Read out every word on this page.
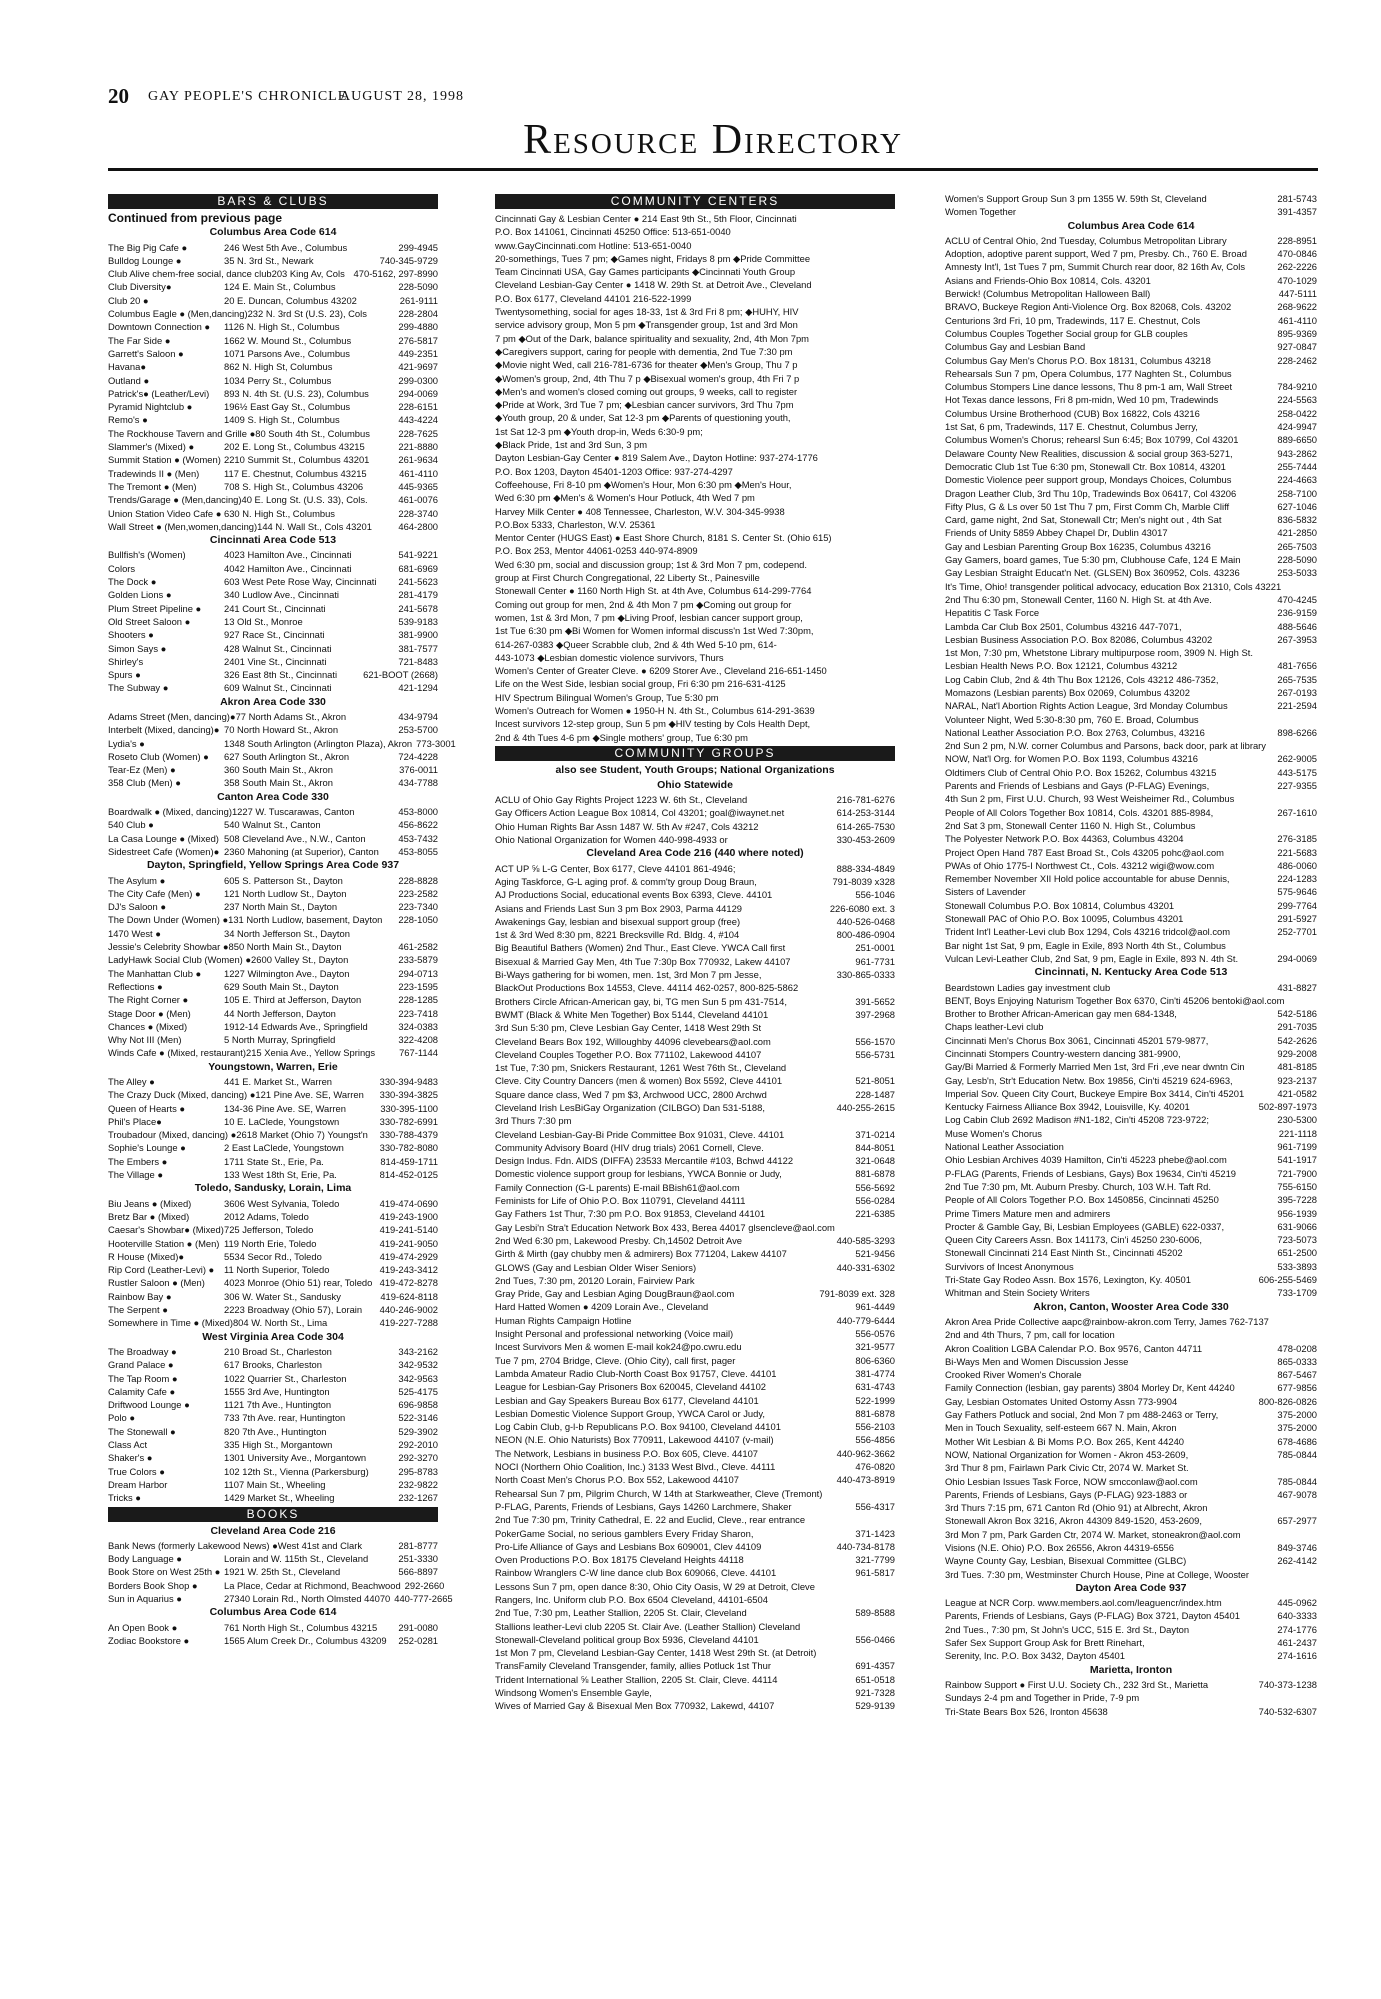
20 GAY PEOPLE'S CHRONICLE
AUGUST 28, 1998
Resource Directory
BARS & CLUBS
Continued from previous page
Columbus Area Code 614
The Big Pig Cafe ●	246 West 5th Ave., Columbus	299-4945
Bulldog Lounge ●	35 N. 3rd St., Newark	740-345-9729
Club Alive chem-free social, dance club 203 King Av, Cols 470-5162, 297-8990
Club Diversity●	124 E. Main St., Columbus	228-5090
Club 20 ●	20 E. Duncan, Columbus 43202	261-9111
Columbus Eagle ● (Men,dancing) 232 N. 3rd St (U.S. 23), Cols	228-2804
Downtown Connection ●	1126 N. High St., Columbus	299-4880
The Far Side ●	1662 W. Mound St., Columbus	276-5817
Garrett's Saloon ●	1071 Parsons Ave., Columbus	449-2351
Havana●	862 N. High St, Columbus	421-9697
Outland ●	1034 Perry St., Columbus	299-0300
Patrick's● (Leather/Levi)	893 N. 4th St. (U.S. 23), Columbus	294-0069
Pyramid Nightclub ●	196½ East Gay St., Columbus	228-6151
Remo's ●	1409 S. High St., Columbus	443-4224
The Rockhouse Tavern and Grille ● 80 South 4th St., Columbus	228-7625
Slammer's (Mixed) ●	202 E. Long St., Columbus 43215	221-8880
Summit Station ● (Women) 2210 Summit St., Columbus 43201	261-9634
Tradewinds II ● (Men)	117 E. Chestnut, Columbus 43215	461-4110
The Tremont ● (Men)	708 S. High St., Columbus 43206	445-9365
Trends/Garage ● (Men,dancing) 40 E. Long St. (U.S. 33), Cols.	461-0076
Union Station Video Cafe ● 630 N. High St., Columbus	228-3740
Wall Street ● (Men,women,dancing) 144 N. Wall St., Cols 43201	464-2800
Cincinnati Area Code 513
Bullfish's (Women)	4023 Hamilton Ave., Cincinnati	541-9221
Colors	4042 Hamilton Ave., Cincinnati	681-6969
The Dock ●	603 West Pete Rose Way, Cincinnati	241-5623
Golden Lions ●	340 Ludlow Ave., Cincinnati	281-4179
Plum Street Pipeline ●	241 Court St., Cincinnati	241-5678
Old Street Saloon ●	13 Old St., Monroe	539-9183
Shooters ●	927 Race St., Cincinnati	381-9900
Simon Says ●	428 Walnut St., Cincinnati	381-7577
Shirley's	2401 Vine St., Cincinnati	721-8483
Spurs ●	326 East 8th St., Cincinnati	621-BOOT (2668)
The Subway ●	609 Walnut St., Cincinnati	421-1294
Akron Area Code 330
Adams Street (Men, dancing)● 77 North Adams St., Akron	434-9794
Interbelt (Mixed, dancing)● 70 North Howard St., Akron	253-5700
Lydia's ●	1348 South Arlington (Arlington Plaza), Akron 773-3001
Roseto Club (Women) ●	627 South Arlington St., Akron	724-4228
Tear-Ez (Men) ●	360 South Main St., Akron	376-0011
358 Club (Men) ●	358 South Main St., Akron	434-7788
Canton Area Code 330
Boardwalk ● (Mixed, dancing) 1227 W. Tuscarawas, Canton	453-8000
540 Club ●	540 Walnut St., Canton	456-8622
La Casa Lounge ● (Mixed) 508 Cleveland Ave., N.W., Canton	453-7432
Sidestreet Cafe (Women)● 2360 Mahoning (at Superior), Canton	453-8055
Dayton, Springfield, Yellow Springs Area Code 937
The Asylum ●	605 S. Patterson St., Dayton	228-8828
The City Cafe (Men) ●	121 North Ludlow St., Dayton	223-2582
DJ's Saloon ●	237 North Main St., Dayton	223-7340
The Down Under (Women) ● 131 North Ludlow, basement, Dayton	228-1050
1470 West ●	34 North Jefferson St., Dayton
Jessie's Celebrity Showbar ● 850 North Main St., Dayton	461-2582
LadyHawk Social Club (Women) ● 2600 Valley St., Dayton	233-5879
The Manhattan Club ●	1227 Wilmington Ave., Dayton	294-0713
Reflections ●	629 South Main St., Dayton	223-1595
The Right Corner ●	105 E. Third at Jefferson, Dayton	228-1285
Stage Door ● (Men)	44 North Jefferson, Dayton	223-7418
Chances ● (Mixed)	1912-14 Edwards Ave., Springfield	324-0383
Why Not III (Men)	5 North Murray, Springfield	322-4208
Winds Cafe ● (Mixed, restaurant) 215 Xenia Ave., Yellow Springs	767-1144
Youngstown, Warren, Erie
The Alley ●	441 E. Market St., Warren	330-394-9483
The Crazy Duck (Mixed, dancing) ● 121 Pine Ave. SE, Warren	330-394-3825
Queen of Hearts ●	134-36 Pine Ave. SE, Warren	330-395-1100
Phil's Place●	10 E. LaClede, Youngstown	330-782-6991
Troubadour (Mixed, dancing) ● 2618 Market (Ohio 7) Youngst'n	330-788-4379
Sophie's Lounge ●	2 East LaClede, Youngstown	330-782-8080
The Embers ●	1711 State St., Erie, Pa.	814-459-1711
The Village ●	133 West 18th St, Erie, Pa.	814-452-0125
Toledo, Sandusky, Lorain, Lima
Biu Jeans ● (Mixed)	3606 West Sylvania, Toledo	419-474-0690
Bretz Bar ● (Mixed)	2012 Adams, Toledo	419-243-1900
Caesar's Showbar● (Mixed) 725 Jefferson, Toledo	419-241-5140
Hooterville Station ● (Men) 119 North Erie, Toledo	419-241-9050
R House (Mixed)●	5534 Secor Rd., Toledo	419-474-2929
Rip Cord (Leather-Levi) ●	11 North Superior, Toledo	419-243-3412
Rustler Saloon ● (Men)	4023 Monroe (Ohio 51) rear, Toledo 419-472-8278
Rainbow Bay ●	306 W. Water St., Sandusky	419-624-8118
The Serpent ●	2223 Broadway (Ohio 57), Lorain	440-246-9002
Somewhere in Time ● (Mixed) 804 W. North St., Lima	419-227-7288
West Virginia Area Code 304
The Broadway ●	210 Broad St., Charleston	343-2162
Grand Palace ●	617 Brooks, Charleston	342-9532
The Tap Room ●	1022 Quarrier St., Charleston	342-9563
Calamity Cafe ●	1555 3rd Ave, Huntington	525-4175
Driftwood Lounge ●	1121 7th Ave., Huntington	696-9858
Polo ●	733 7th Ave. rear, Huntington	522-3146
The Stonewall ●	820 7th Ave., Huntington	529-3902
Class Act	335 High St., Morgantown	292-2010
Shaker's ●	1301 University Ave., Morgantown	292-3270
True Colors ●	102 12th St., Vienna (Parkersburg)	295-8783
Dream Harbor	1107 Main St., Wheeling	232-9822
Tricks ●	1429 Market St., Wheeling	232-1267
BOOKS
Cleveland Area Code 216
Bank News (formerly Lakewood News) ● West 41st and Clark	281-8777
Body Language ●	Lorain and W. 115th St., Cleveland	251-3330
Book Store on West 25th ● 1921 W. 25th St., Cleveland	566-8897
Borders Book Shop ●	La Place, Cedar at Richmond, Beachwood 292-2660
Sun in Aquarius ●	27340 Lorain Rd., North Olmsted 44070 440-777-2665
Columbus Area Code 614
An Open Book ●	761 North High St., Columbus 43215	291-0080
Zodiac Bookstore ●	1565 Alum Creek Dr., Columbus 43209	252-0281
COMMUNITY CENTERS
Cincinnati Gay & Lesbian Center ● 214 East 9th St., 5th Floor, Cincinnati
P.O. Box 141061, Cincinnati 45250 Office: 513-651-0040
www.GayCincinnati.com Hotline: 513-651-0040
20-somethings, Tues 7 pm; ◆Games night, Fridays 8 pm ◆Pride Committee
Team Cincinnati USA, Gay Games participants ◆Cincinnati Youth Group
Cleveland Lesbian-Gay Center ● 1418 W. 29th St. at Detroit Ave., Cleveland
P.O. Box 6177, Cleveland 44101 216-522-1999
Twentysomething, social for ages 18-33, 1st & 3rd Fri 8 pm; ◆HUHY, HIV
service advisory group, Mon 5 pm ◆Transgender group, 1st and 3rd Mon
7 pm ◆Out of the Dark, balance spirituality and sexuality, 2nd, 4th Mon 7pm
◆Caregivers support, caring for people with dementia, 2nd Tue 7:30 pm
◆Movie night Wed, call 216-781-6736 for theater ◆Men's Group, Thu 7 p
◆Women's group, 2nd, 4th Thu 7 p ◆Bisexual women's group, 4th Fri 7 p
◆Men's and women's closed coming out groups, 9 weeks, call to register
◆Pride at Work, 3rd Tue 7 pm; ◆Lesbian cancer survivors, 3rd Thu 7pm
◆Youth group, 20 & under, Sat 12-3 pm ◆Parents of questioning youth,
1st Sat 12-3 pm ◆Youth drop-in, Weds 6:30-9 pm;
◆Black Pride, 1st and 3rd Sun, 3 pm
Dayton Lesbian-Gay Center ● 819 Salem Ave., Dayton Hotline: 937-274-1776
P.O. Box 1203, Dayton 45401-1203 Office: 937-274-4297
Coffeehouse, Fri 8-10 pm ◆Women's Hour, Mon 6:30 pm ◆Men's Hour,
Wed 6:30 pm ◆Men's & Women's Hour Potluck, 4th Wed 7 pm
Harvey Milk Center ● 408 Tennessee, Charleston, W.V. 304-345-9938
P.O.Box 5333, Charleston, W.V. 25361
Mentor Center (HUGS East) ● East Shore Church, 8181 S. Center St. (Ohio 615)
P.O. Box 253, Mentor 44061-0253 440-974-8909
Wed 6:30 pm, social and discussion group; 1st & 3rd Mon 7 pm, codepend.
group at First Church Congregational, 22 Liberty St., Painesville
Stonewall Center ● 1160 North High St. at 4th Ave, Columbus 614-299-7764
Coming out group for men, 2nd & 4th Mon 7 pm ◆Coming out group for
women, 1st & 3rd Mon, 7 pm ◆Living Proof, lesbian cancer support group,
1st Tue 6:30 pm ◆Bi Women for Women informal discuss'n 1st Wed 7:30pm,
614-267-0383 ◆Queer Scrabble club, 2nd & 4th Wed 5-10 pm, 614-
443-1073 ◆Lesbian domestic violence survivors, Thurs
Women's Center of Greater Cleve. ● 6209 Storer Ave., Cleveland 216-651-1450
Life on the West Side, lesbian social group, Fri 6:30 pm 216-631-4125
HIV Spectrum Bilingual Women's Group, Tue 5:30 pm
Women's Outreach for Women ● 1950-H N. 4th St., Columbus 614-291-3639
Incest survivors 12-step group, Sun 5 pm ◆HIV testing by Cols Health Dept,
2nd & 4th Tues 4-6 pm ◆Single mothers' group, Tue 6:30 pm
COMMUNITY GROUPS
also see Student, Youth Groups; National Organizations
Ohio Statewide
216-781-6276
ACLU of Ohio Gay Rights Project 1223 W. 6th St., Cleveland
614-253-3144
Gay Officers Action League Box 10814, Col 43201; goal@iwaynet.net
614-265-7530
Ohio Human Rights Bar Assn 1487 W. 5th Av #247, Cols 43212
330-453-2609
Ohio National Organization for Women 440-998-4933 or
Cleveland Area Code 216 (440 where noted)
888-334-4849
ACT UP ⅝ L-G Center, Box 6177, Cleve 44101 861-4946;
791-8039 x328
Aging Taskforce, G-L aging prof. & comm'ty group Doug Braun,
556-1046
AJ Productions Social, educational events Box 6393, Cleve. 44101
226-6080 ext. 3
Asians and Friends Last Sun 3 pm Box 2903, Parma 44129
440-526-0468
Awakenings Gay, lesbian and bisexual support group (free)
800-486-0904
1st & 3rd Wed 8:30 pm, 8221 Brecksville Rd. Bldg. 4, #104
251-0001
Big Beautiful Bathers (Women) 2nd Thur., East Cleve. YWCA Call first
961-7731
Bisexual & Married Gay Men, 4th Tue 7:30p Box 770932, Lakew 44107
330-865-0333
Bi-Ways gathering for bi women, men. 1st, 3rd Mon 7 pm Jesse,
BlackOut Productions Box 14553, Cleve. 44114 462-0257, 800-825-5862
391-5652
Brothers Circle African-American gay, bi, TG men Sun 5 pm 431-7514,
397-2968
BWMT (Black & White Men Together) Box 5144, Cleveland 44101
3rd Sun 5:30 pm, Cleve Lesbian Gay Center, 1418 West 29th St
556-1570
Cleveland Bears Box 192, Willoughby 44096 clevebears@aol.com
556-5731
Cleveland Couples Together P.O. Box 771102, Lakewood 44107
1st Tue, 7:30 pm, Snickers Restaurant, 1261 West 76th St., Cleveland
521-8051
Cleve. City Country Dancers (men & women) Box 5592, Cleve 44101
228-1487
Square dance class, Wed 7 pm $3, Archwood UCC, 2800 Archwd
440-255-2615
Cleveland Irish LesBiGay Organization (CILBGO) Dan 531-5188,
3rd Thurs 7:30 pm
371-0214
Cleveland Lesbian-Gay-Bi Pride Committee Box 91031, Cleve. 44101
844-8051
Community Advisory Board (HIV drug trials) 2061 Cornell, Cleve.
321-0648
Design Indus. Fdn. AIDS (DIFFA) 23533 Mercantile #103, Bchwd 44122
881-6878
Domestic violence support group for lesbians, YWCA Bonnie or Judy,
556-5692
Family Connection (G-L parents) E-mail BBish61@aol.com
556-0284
Feminists for Life of Ohio P.O. Box 110791, Cleveland 44111
221-6385
Gay Fathers 1st Thur, 7:30 pm P.O. Box 91853, Cleveland 44101
Gay Lesbi'n Stra't Education Network Box 433, Berea 44017 glsencleve@aol.com
440-585-3293
2nd Wed 6:30 pm, Lakewood Presby. Ch,14502 Detroit Ave
521-9456
Girth & Mirth (gay chubby men & admirers) Box 771204, Lakew 44107
440-331-6302
GLOWS (Gay and Lesbian Older Wiser Seniors)
2nd Tues, 7:30 pm, 20120 Lorain, Fairview Park
791-8039 ext. 328
Gray Pride, Gay and Lesbian Aging DougBraun@aol.com
961-4449
Hard Hatted Women ● 4209 Lorain Ave., Cleveland
440-779-6444
Human Rights Campaign Hotline
556-0576
Insight Personal and professional networking (Voice mail)
321-9577
Incest Survivors Men & women E-mail kok24@po.cwru.edu
806-6360
Tue 7 pm, 2704 Bridge, Cleve. (Ohio City), call first, pager
381-4774
Lambda Amateur Radio Club-North Coast Box 91757, Cleve. 44101
631-4743
League for Lesbian-Gay Prisoners Box 620045, Cleveland 44102
522-1999
Lesbian and Gay Speakers Bureau Box 6177, Cleveland 44101
881-6878
Lesbian Domestic Violence Support Group, YWCA Carol or Judy,
556-2103
Log Cabin Club, g-l-b Republicans P.O. Box 94100, Cleveland 44101
556-4856
NEON (N.E. Ohio Naturists) Box 770911, Lakewood 44107 (v-mail)
440-962-3662
The Network, Lesbians in business P.O. Box 605, Cleve. 44107
476-0820
NOCI (Northern Ohio Coalition, Inc.) 3133 West Blvd., Cleve. 44111
440-473-8919
North Coast Men's Chorus P.O. Box 552, Lakewood 44107
Rehearsal Sun 7 pm, Pilgrim Church, W 14th at Starkweather, Cleve (Tremont)
556-4317
P-FLAG, Parents, Friends of Lesbians, Gays 14260 Larchmere, Shaker
2nd Tue 7:30 pm, Trinity Cathedral, E. 22 and Euclid, Cleve., rear entrance
371-1423
PokerGame Social, no serious gamblers Every Friday Sharon,
440-734-8178
Pro-Life Alliance of Gays and Lesbians Box 609001, Clev 44109
321-7799
Oven Productions P.O. Box 18175 Cleveland Heights 44118
961-5817
Rainbow Wranglers C-W line dance club Box 609066, Cleve. 44101
Lessons Sun 7 pm, open dance 8:30, Ohio City Oasis, W 29 at Detroit, Cleve
Rangers, Inc. Uniform club P.O. Box 6504 Cleveland, 44101-6504
589-8588
2nd Tue, 7:30 pm, Leather Stallion, 2205 St. Clair, Cleveland
Stallions leather-Levi club 2205 St. Clair Ave. (Leather Stallion) Cleveland
556-0466
Stonewall-Cleveland political group Box 5936, Cleveland 44101
1st Mon 7 pm, Cleveland Lesbian-Gay Center, 1418 West 29th St. (at Detroit)
691-4357
TransFamily Cleveland Transgender, family, allies Potluck 1st Thur
651-0518
Trident International ⅝ Leather Stallion, 2205 St. Clair, Cleve. 44114
921-7328
Windsong Women's Ensemble Gayle,
529-9139
Wives of Married Gay & Bisexual Men Box 770932, Lakewd, 44107
281-5743
Women's Support Group Sun 3 pm 1355 W. 59th St, Cleveland
391-4357
Women Together
Columbus Area Code 614
228-8951
ACLU of Central Ohio, 2nd Tuesday, Columbus Metropolitan Library
470-0846
Adoption, adoptive parent support, Wed 7 pm, Presby. Ch., 760 E. Broad
262-2226
Amnesty Int'l, 1st Tues 7 pm, Summit Church rear door, 82 16th Av, Cols
470-1029
Asians and Friends-Ohio Box 10814, Cols. 43201
447-5111
Berwick! (Columbus Metropolitan Halloween Ball)
268-9622
BRAVO, Buckeye Region Anti-Violence Org. Box 82068, Cols. 43202
461-4110
Centurions 3rd Fri, 10 pm, Tradewinds, 117 E. Chestnut, Cols
895-9369
Columbus Couples Together Social group for GLB couples
927-0847
Columbus Gay and Lesbian Band
228-2462
Columbus Gay Men's Chorus P.O. Box 18131, Columbus 43218
Rehearsals Sun 7 pm, Opera Columbus, 177 Naghten St., Columbus
784-9210
Columbus Stompers Line dance lessons, Thu 8 pm-1 am, Wall Street
224-5563
Hot Texas dance lessons, Fri 8 pm-midn, Wed 10 pm, Tradewinds
258-0422
Columbus Ursine Brotherhood (CUB) Box 16822, Cols 43216
424-9947
1st Sat, 6 pm, Tradewinds, 117 E. Chestnut, Columbus Jerry,
889-6650
Columbus Women's Chorus; rehearsl Sun 6:45; Box 10799, Col 43201
943-2862
Delaware County New Realities, discussion & social group 363-5271,
255-7444
Democratic Club 1st Tue 6:30 pm, Stonewall Ctr. Box 10814, 43201
224-4663
Domestic Violence peer support group, Mondays Choices, Columbus
258-7100
Dragon Leather Club, 3rd Thu 10p, Tradewinds Box 06417, Col 43206
627-1046
Fifty Plus, G & Ls over 50 1st Thu 7 pm, First Comm Ch, Marble Cliff
836-5832
Card, game night, 2nd Sat, Stonewall Ctr; Men's night out , 4th Sat
421-2850
Friends of Unity 5859 Abbey Chapel Dr, Dublin 43017
265-7503
Gay and Lesbian Parenting Group Box 16235, Columbus 43216
228-5090
Gay Gamers, board games, Tue 5:30 pm, Clubhouse Cafe, 124 E Main
253-5033
Gay Lesbian Straight Educat'n Net. (GLSEN) Box 360952, Cols. 43236
It's Time, Ohio! transgender political advocacy, education Box 21310, Cols 43221
470-4245
2nd Thu 6:30 pm, Stonewall Center, 1160 N. High St. at 4th Ave.
236-9159
Hepatitis C Task Force
488-5646
Lambda Car Club Box 2501, Columbus 43216 447-7071,
267-3953
Lesbian Business Association P.O. Box 82086, Columbus 43202
1st Mon, 7:30 pm, Whetstone Library multipurpose room, 3909 N. High St.
481-7656
Lesbian Health News P.O. Box 12121, Columbus 43212
265-7535
Log Cabin Club, 2nd & 4th Thu Box 12126, Cols 43212 486-7352,
267-0193
Momazons (Lesbian parents) Box 02069, Columbus 43202
221-2594
NARAL, Nat'l Abortion Rights Action League, 3rd Monday Columbus
Volunteer Night, Wed 5:30-8:30 pm, 760 E. Broad, Columbus
898-6266
National Leather Association P.O. Box 2763, Columbus, 43216
2nd Sun 2 pm, N.W. corner Columbus and Parsons, back door, park at library
262-9005
NOW, Nat'l Org. for Women P.O. Box 1193, Columbus 43216
443-5175
Oldtimers Club of Central Ohio P.O. Box 15262, Columbus 43215
227-9355
Parents and Friends of Lesbians and Gays (P-FLAG) Evenings,
4th Sun 2 pm, First U.U. Church, 93 West Weisheimer Rd., Columbus
267-1610
People of All Colors Together Box 10814, Cols. 43201 885-8984,
2nd Sat 3 pm, Stonewall Center 1160 N. High St., Columbus
276-3185
The Polyester Network P.O. Box 44363, Columbus 43204
221-5683
Project Open Hand 787 East Broad St., Cols 43205 pohc@aol.com
486-0060
PWAs of Ohio 1775-I Northwest Ct., Cols. 43212 wigi@wow.com
224-1283
Remember November XII Hold police accountable for abuse Dennis,
575-9646
Sisters of Lavender
299-7764
Stonewall Columbus P.O. Box 10814, Columbus 43201
291-5927
Stonewall PAC of Ohio P.O. Box 10095, Columbus 43201
252-7701
Trident Int'l Leather-Levi club Box 1294, Cols 43216 tridcol@aol.com
Bar night 1st Sat, 9 pm, Eagle in Exile, 893 North 4th St., Columbus
294-0069
Vulcan Levi-Leather Club, 2nd Sat, 9 pm, Eagle in Exile, 893 N. 4th St.
Cincinnati, N. Kentucky Area Code 513
431-8827
Beardstown Ladies gay investment club
BENT, Boys Enjoying Naturism Together Box 6370, Cin'ti 45206 bentoki@aol.com
542-5186
Brother to Brother African-American gay men 684-1348,
291-7035
Chaps leather-Levi club
542-2626
Cincinnati Men's Chorus Box 3061, Cincinnati 45201 579-9877,
929-2008
Cincinnati Stompers Country-western dancing 381-9900,
481-8185
Gay/Bi Married & Formerly Married Men 1st, 3rd Fri ,eve near dwntn Cin
923-2137
Gay, Lesb'n, Str't Education Netw. Box 19856, Cin'ti 45219 624-6963,
421-0582
Imperial Sov. Queen City Court, Buckeye Empire Box 3414, Cin'ti 45201
502-897-1973
Kentucky Fairness Alliance Box 3942, Louisville, Ky. 40201
230-5300
Log Cabin Club 2692 Madison #N1-182, Cin'ti 45208 723-9722;
221-1118
Muse Women's Chorus
961-7199
National Leather Association
541-1917
Ohio Lesbian Archives 4039 Hamilton, Cin'ti 45223 phebe@aol.com
721-7900
P-FLAG (Parents, Friends of Lesbians, Gays) Box 19634, Cin'ti 45219
755-6150
2nd Tue 7:30 pm, Mt. Auburn Presby. Church, 103 W.H. Taft Rd.
395-7228
People of All Colors Together P.O. Box 1450856, Cincinnati 45250
956-1939
Prime Timers Mature men and admirers
631-9066
Procter & Gamble Gay, Bi, Lesbian Employees (GABLE) 622-0337,
723-5073
Queen City Careers Assn. Box 141173, Cin'i 45250 230-6006,
651-2500
Stonewall Cincinnati 214 East Ninth St., Cincinnati 45202
533-3893
Survivors of Incest Anonymous
606-255-5469
Tri-State Gay Rodeo Assn. Box 1576, Lexington, Ky. 40501
733-1709
Whitman and Stein Society Writers
Akron, Canton, Wooster Area Code 330
Akron Area Pride Collective aapc@rainbow-akron.com Terry, James 762-7137
2nd and 4th Thurs, 7 pm, call for location
478-0208
Akron Coalition LGBA Calendar P.O. Box 9576, Canton 44711
865-0333
Bi-Ways Men and Women Discussion Jesse
867-5467
Crooked River Women's Chorale
677-9856
Family Connection (lesbian, gay parents) 3804 Morley Dr, Kent 44240
800-826-0826
Gay, Lesbian Ostomates United Ostomy Assn 773-9904
375-2000
Gay Fathers Potluck and social, 2nd Mon 7 pm 488-2463 or Terry,
375-2000
Men in Touch Sexuality, self-esteem 667 N. Main, Akron
678-4686
Mother Wit Lesbian & Bi Moms P.O. Box 265, Kent 44240
785-0844
NOW, National Organization for Women - Akron 453-2609,
3rd Thur 8 pm, Fairlawn Park Civic Ctr, 2074 W. Market St.
785-0844
Ohio Lesbian Issues Task Force, NOW smcconlaw@aol.com
467-9078
Parents, Friends of Lesbians, Gays (P-FLAG) 923-1883 or
3rd Thurs 7:15 pm, 671 Canton Rd (Ohio 91) at Albrecht, Akron
657-2977
Stonewall Akron Box 3216, Akron 44309 849-1520, 453-2609,
3rd Mon 7 pm, Park Garden Ctr, 2074 W. Market, stoneakron@aol.com
849-3746
Visions (N.E. Ohio) P.O. Box 26556, Akron 44319-6556
262-4142
Wayne County Gay, Lesbian, Bisexual Committee (GLBC)
3rd Tues. 7:30 pm, Westminster Church House, Pine at College, Wooster
Dayton Area Code 937
445-0962
League at NCR Corp. www.members.aol.com/leaguencr/index.htm
640-3333
Parents, Friends of Lesbians, Gays (P-FLAG) Box 3721, Dayton 45401
274-1776
2nd Tues., 7:30 pm, St John's UCC, 515 E. 3rd St., Dayton
461-2437
Safer Sex Support Group Ask for Brett Rinehart,
274-1616
Serenity, Inc. P.O. Box 3432, Dayton 45401
Marietta, Ironton
740-373-1238
Rainbow Support ● First U.U. Society Ch., 232 3rd St., Marietta
Sundays 2-4 pm and Together in Pride, 7-9 pm
740-532-6307
Tri-State Bears Box 526, Ironton 45638
